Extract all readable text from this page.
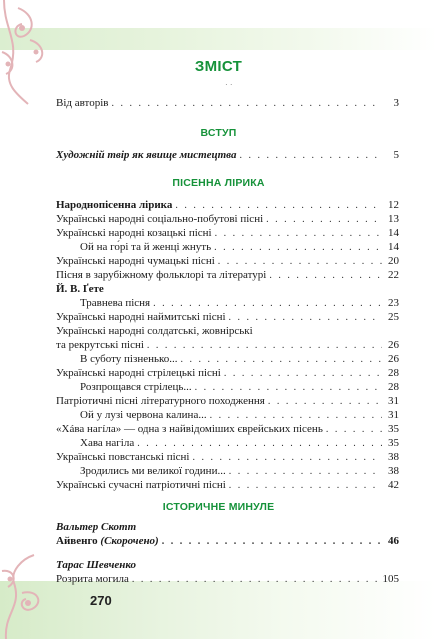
ЗМІСТ
· ·
Від авторів . . .	3
ВСТУП
Художній твір як явище мистецтва . . .	5
ПІСЕННА ЛІРИКА
Народнопісенна лірика . . .	12
Українські народні соціально-побутові пісні . . .	13
Українські народні козацькі пісні . . .	14
Ой на го́рі та й женці жнуть . . .	14
Українські народні чумацькі пісні . . .	20
Пісня в зарубіжному фольклорі та літературі . . .	22
Й. В. Ґете
Травнева пісня . . .	23
Українські народні наймитські пісні . . .	25
Українські народні солдатські, жовнірські
та рекрутські пісні . . .	26
В суботу пізненько... . . .	26
Українські народні стрілецькі пісні . . .	28
Розпрощався стрілець... . . .	28
Патріотичні пісні літературного походження . . .	31
Ой у лузі червона калина... . . .	31
«Хáва нагíла» — одна з найвідоміших єврейських пісень . . .	35
Хава нагіла . . .	35
Українські повстанські пісні . . .	38
Зродились ми великої години... . . .	38
Українські сучасні патріотичні пісні . . .	42
ІСТОРИЧНЕ МИНУЛЕ
Вальтер Скотт
Айвенго
(Скорочено) . . .	46
Тарас Шевченко
Розрита могила . . .	105
270
